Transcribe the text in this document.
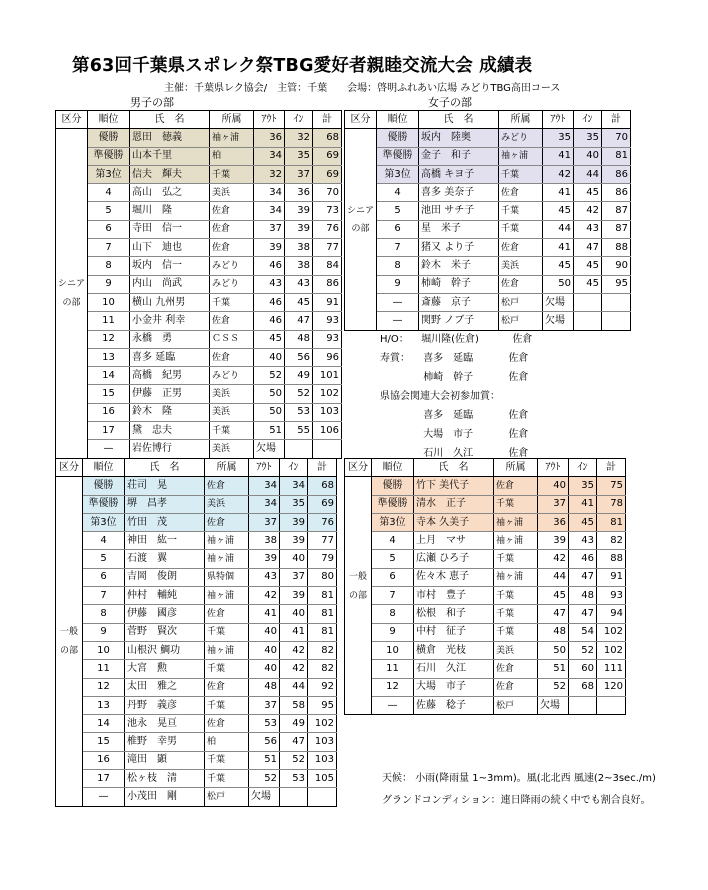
第63回千葉県スポレク祭TBG愛好者親睦交流大会 成績表
主催：千葉県レク協会/　主管：千葉　　会場：啓明ふれあい広場 みどりTBG高田コース
男子の部	女子の部
区分	順位	氏　名	所属	ｱｳﾄ	ｲﾝ	計
	優勝	恩田　徳義	袖ヶ浦	36	32	68
	準優勝	山本千里	柏	34	35	69
	第3位	信夫　輝夫	千葉	32	37	69
	4	高山　弘之	美浜	34	36	70
	5	堀川　隆	佐倉	34	39	73
	6	寺田　信一	佐倉	37	39	76
	7	山下　迪也	佐倉	39	38	77
	8	坂内　信一	みどり	46	38	84
シニア	9	内山　尚武	みどり	43	43	86
の部	10	横山 九州男	千葉	46	45	91
	11	小金井 利幸	佐倉	46	47	93
	12	永橋　勇	ＣＳＳ	45	48	93
	13	喜多 延臨	佐倉	40	56	96
	14	高橋　紀男	みどり	52	49	101
	15	伊藤　正男	美浜	50	52	102
	16	鈴木　隆	美浜	50	53	103
	17	黛　忠夫	千葉	51	55	106
	—	岩佐博行	美浜	欠場		
区分	順位	氏　名	所属	ｱｳﾄ	ｲﾝ	計
	優勝	坂内　陸奥	みどり	35	35	70
	準優勝	金子　和子	袖ヶ浦	41	40	81
	第3位	高橋 キヨ子	千葉	42	44	86
	4	喜多 美奈子	佐倉	41	45	86
シニア	5	池田 サチ子	千葉	45	42	87
の部	6	星　米子	千葉	44	43	87
	7	猪又 より子	佐倉	41	47	88
	8	鈴木　米子	美浜	45	45	90
	9	柿崎　幹子	佐倉	50	45	95
	—	斎藤　京子	松戸	欠場		
	—	関野 ノブ子	松戸	欠場		
区分	順位	氏　名	所属	ｱｳﾄ	ｲﾝ	計
	優勝	荘司　晃	佐倉	34	34	68
	準優勝	堺　昌孝	美浜	34	35	69
	第3位	竹田　茂	佐倉	37	39	76
	4	神田　紘一	袖ヶ浦	38	39	77
	5	石渡　翼	袖ヶ浦	39	40	79
	6	吉岡　俊朗	県特個	43	37	80
	7	仲村　輔純	袖ヶ浦	42	39	81
	8	伊藤　國彦	佐倉	41	40	81
一般	9	菅野　賢次	千葉	40	41	81
の部	10	山根沢 鯛功	袖ヶ浦	40	42	82
	11	大宮　勲	千葉	40	42	82
	12	太田　雅之	佐倉	48	44	92
	13	丹野　義彦	千葉	37	58	95
	14	池永　晃亘	佐倉	53	49	102
	15	椎野　幸男	柏	56	47	103
	16	滝田　顕	千葉	51	52	103
	17	松ヶ枝　清	千葉	52	53	105
	—	小茂田　剛	松戸	欠場		
区分	順位	氏　名	所属	ｱｳﾄ	ｲﾝ	計
	優勝	竹下 美代子	佐倉	40	35	75
	準優勝	清水　正子	千葉	37	41	78
	第3位	寺本 久美子	袖ヶ浦	36	45	81
	4	上月　マサ	袖ヶ浦	39	43	82
	5	広瀬 ひろ子	千葉	42	46	88
一般	6	佐々木 恵子	袖ヶ浦	44	47	91
の部	7	市村　豊子	千葉	45	48	93
	8	松根　和子	千葉	47	47	94
	9	中村　征子	千葉	48	54	102
	10	横倉　光枝	美浜	50	52	102
	11	石川　久江	佐倉	51	60	111
	12	大場　市子	佐倉	52	68	120
	—	佐藤　稔子	松戸	欠場		
H/O： 堀川隆(佐倉)	佐倉
寿賞： 喜多　延臨	佐倉
柿崎　幹子	佐倉
県協会関連大会初参加賞：
喜多　延臨	佐倉
大場　市子	佐倉
石川　久江	佐倉
天候： 小雨(降雨量 1~3mm)。風(北北西 風速(2~3sec./m)
グランドコンディション：連日降雨の続く中でも割合良好。
